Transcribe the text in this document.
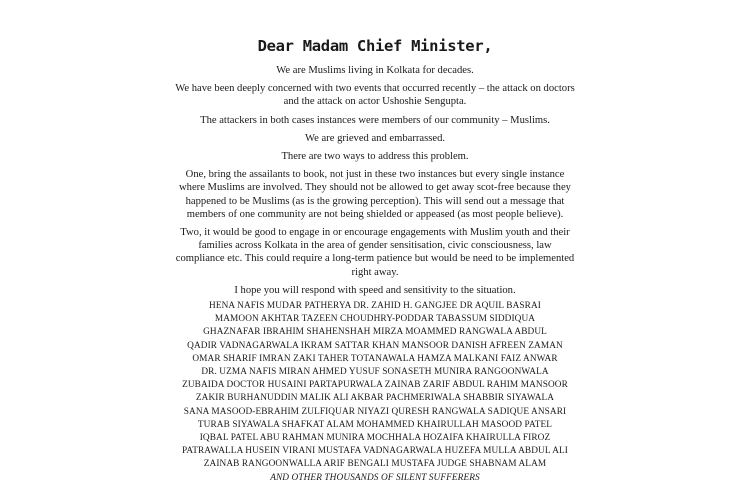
Dear Madam Chief Minister,

We are Muslims living in Kolkata for decades.

We have been deeply concerned with two events that occurred recently – the attack on doctors and the attack on actor Ushoshie Sengupta.

The attackers in both cases instances were members of our community – Muslims.

We are grieved and embarrassed.

There are two ways to address this problem.

One, bring the assailants to book, not just in these two instances but every single instance where Muslims are involved. They should not be allowed to get away scot-free because they happened to be Muslims (as is the growing perception). This will send out a message that members of one community are not being shielded or appeased (as most people believe).

Two, it would be good to engage in or encourage engagements with Muslim youth and their families across Kolkata in the area of gender sensitisation, civic consciousness, law compliance etc. This could require a long-term patience but would be need to be implemented right away.

I hope you will respond with speed and sensitivity to the situation.

HENA NAFIS MUDAR PATHERYA DR. ZAHID H. GANGJEE DR AQUIL BASRAI
MAMOON AKHTAR TAZEEN CHOUDHRY-PODDAR TABASSUM SIDDIQUA
GHAZNAFAR IBRAHIM SHAHENSHAH MIRZA MOAMMED RANGWALA ABDUL
QADIR VADNAGARWALA IKRAM SATTAR KHAN MANSOOR DANISH AFREEN ZAMAN
OMAR SHARIF IMRAN ZAKI TAHER TOTANAWALA HAMZA MALKANI FAIZ ANWAR
DR. UZMA NAFIS MIRAN AHMED YUSUF SONASETH MUNIRA RANGOONWALA
ZUBAIDA DOCTOR HUSAINI PARTAPURWALA ZAINAB ZARIF ABDUL RAHIM MANSOOR
ZAKIR BURHANUDDIN MALIK ALI AKBAR PACHMERIWALA SHABBIR SIYAWALA
SANA MASOOD-EBRAHIM ZULFIQUAR NIYAZI QURESH RANGWALA SADIQUE ANSARI
TURAB SIYAWALA SHAFKAT ALAM MOHAMMED KHAIRULLAH MASOOD PATEL
IQBAL PATEL ABU RAHMAN MUNIRA MOCHHALA HOZAIFA KHAIRULLA FIROZ
PATRAWALLA HUSEIN VIRANI MUSTAFA VADNAGARWALA HUZEFA MULLA ABDUL ALI
ZAINAB RANGOONWALLA ARIF BENGALI MUSTAFA JUDGE SHABNAM ALAM
AND OTHER THOUSANDS OF SILENT SUFFERERS
